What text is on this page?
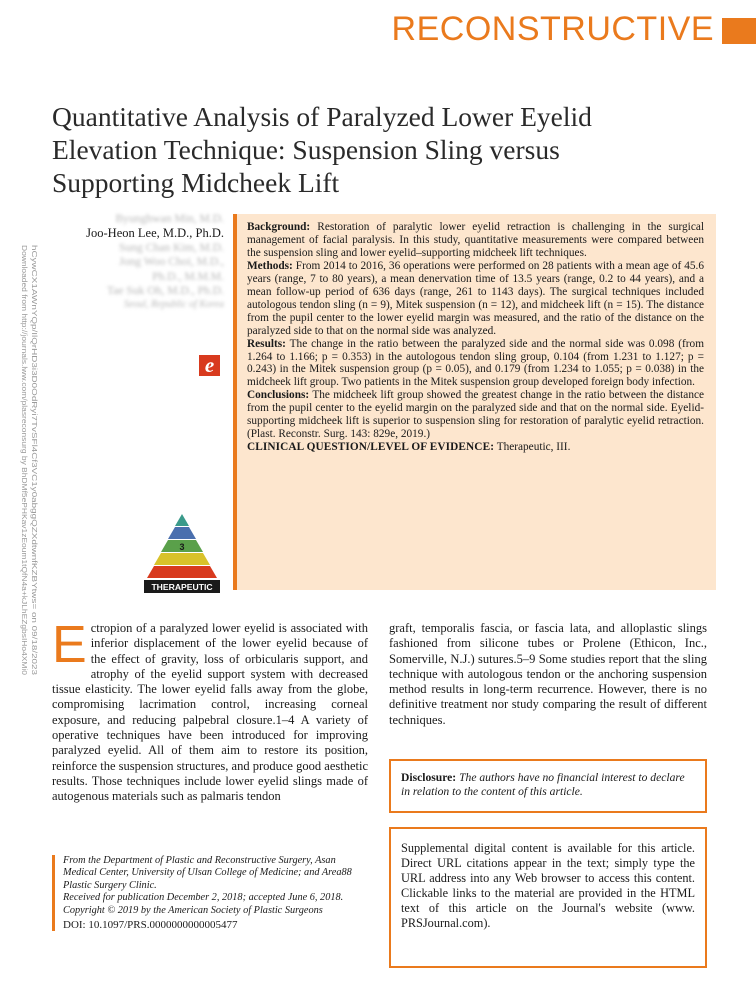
RECONSTRUCTIVE
Downloaded from http://journals.lww.com/plasreconsurg by BhDMf5ePHKav1zEoum1tQfN4a+kJLhEZgbsIHo4XMi0 hCywCX1AWnYQp/IlQrHD3i3D0OdRyi7TvSFl4Cf3VC1y0abggQZXdtwnfKZBYtws= on 09/18/2023
Quantitative Analysis of Paralyzed Lower Eyelid Elevation Technique: Suspension Sling versus Supporting Midcheek Lift
Byunghwan Min, M.D.
Joo-Heon Lee, M.D., Ph.D.
Sung Chan Kim, M.D.
Jong Woo Choi, M.D.,
Ph.D., M.M.M.
Tae Suk Oh, M.D., Ph.D.
Seoul, Republic of Korea
e
3
THERAPEUTIC

Background: Restoration of paralytic lower eyelid retraction is challenging in the surgical management of facial paralysis. In this study, quantitative measurements were compared between the suspension sling and lower eyelid–supporting midcheek lift techniques.

Methods: From 2014 to 2016, 36 operations were performed on 28 patients with a mean age of 45.6 years (range, 7 to 80 years), a mean denervation time of 13.5 years (range, 0.2 to 44 years), and a mean follow-up period of 636 days (range, 261 to 1143 days). The surgical techniques included autologous tendon sling (n = 9), Mitek suspension (n = 12), and midcheek lift (n = 15). The distance from the pupil center to the lower eyelid margin was measured, and the ratio of the distance on the paralyzed side to that on the normal side was analyzed.

Results: The change in the ratio between the paralyzed side and the normal side was 0.098 (from 1.264 to 1.166; p = 0.353) in the autologous tendon sling group, 0.104 (from 1.231 to 1.127; p = 0.243) in the Mitek suspension group (p = 0.05), and 0.179 (from 1.234 to 1.055; p = 0.038) in the midcheek lift group. Two patients in the Mitek suspension group developed foreign body infection.

Conclusions: The midcheek lift group showed the greatest change in the ratio between the distance from the pupil center to the eyelid margin on the paralyzed side and that on the normal side. Eyelid-supporting midcheek lift is superior to suspension sling for restoration of paralytic eyelid retraction. (Plast. Reconstr. Surg. 143: 829e, 2019.)

CLINICAL QUESTION/LEVEL OF EVIDENCE: Therapeutic, III.

Ectropion of a paralyzed lower eyelid is associated with inferior displacement of the lower eyelid because of the effect of gravity, loss of orbicularis support, and atrophy of the eyelid support system with decreased tissue elasticity. The lower eyelid falls away from the globe, compromising lacrimation control, increasing corneal exposure, and reducing palpebral closure.1–4 A variety of operative techniques have been introduced for improving paralyzed eyelid. All of them aim to restore its position, reinforce the suspension structures, and produce good aesthetic results. Those techniques include lower eyelid slings made of autogenous materials such as palmaris tendon
graft, temporalis fascia, or fascia lata, and alloplastic slings fashioned from silicone tubes or Prolene (Ethicon, Inc., Somerville, N.J.) sutures.5–9 Some studies report that the sling technique with autologous tendon or the anchoring suspension method results in long-term recurrence. However, there is no definitive treatment nor study comparing the result of different techniques.
From the Department of Plastic and Reconstructive Surgery, Asan Medical Center, University of Ulsan College of Medicine; and Area88 Plastic Surgery Clinic.
Received for publication December 2, 2018; accepted June 6, 2018.
Copyright © 2019 by the American Society of Plastic Surgeons
DOI: 10.1097/PRS.0000000000005477
Disclosure: The authors have no financial interest to declare in relation to the content of this article.
Supplemental digital content is available for this article. Direct URL citations appear in the text; simply type the URL address into any Web browser to access this content. Clickable links to the material are provided in the HTML text of this article on the Journal's website (www. PRSJournal.com).
